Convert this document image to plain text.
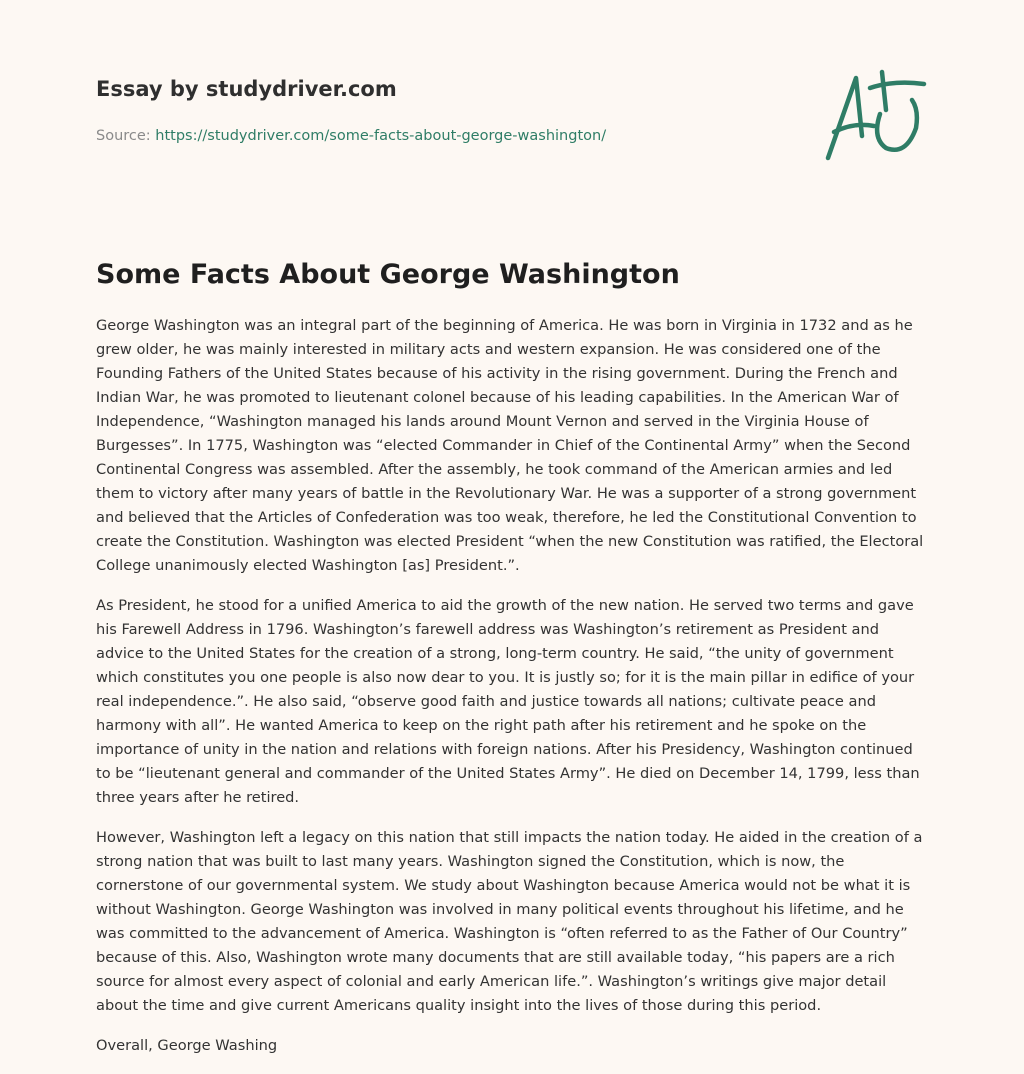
Essay by studydriver.com

Source: https://studydriver.com/some-facts-about-george-washington/
Some Facts About George Washington

George Washington was an integral part of the beginning of America. He was born in Virginia in 1732 and as he grew older, he was mainly interested in military acts and western expansion. He was considered one of the Founding Fathers of the United States because of his activity in the rising government. During the French and Indian War, he was promoted to lieutenant colonel because of his leading capabilities. In the American War of Independence, “Washington managed his lands around Mount Vernon and served in the Virginia House of Burgesses”. In 1775, Washington was “elected Commander in Chief of the Continental Army” when the Second Continental Congress was assembled. After the assembly, he took command of the American armies and led them to victory after many years of battle in the Revolutionary War. He was a supporter of a strong government and believed that the Articles of Confederation was too weak, therefore, he led the Constitutional Convention to create the Constitution. Washington was elected President “when the new Constitution was ratified, the Electoral College unanimously elected Washington [as] President.”.

As President, he stood for a unified America to aid the growth of the new nation. He served two terms and gave his Farewell Address in 1796. Washington’s farewell address was Washington’s retirement as President and advice to the United States for the creation of a strong, long-term country. He said, “the unity of government which constitutes you one people is also now dear to you. It is justly so; for it is the main pillar in edifice of your real independence.”. He also said, “observe good faith and justice towards all nations; cultivate peace and harmony with all”. He wanted America to keep on the right path after his retirement and he spoke on the importance of unity in the nation and relations with foreign nations. After his Presidency, Washington continued to be “lieutenant general and commander of the United States Army”. He died on December 14, 1799, less than three years after he retired.

However, Washington left a legacy on this nation that still impacts the nation today. He aided in the creation of a strong nation that was built to last many years. Washington signed the Constitution, which is now, the cornerstone of our governmental system. We study about Washington because America would not be what it is without Washington. George Washington was involved in many political events throughout his lifetime, and he was committed to the advancement of America. Washington is “often referred to as the Father of Our Country” because of this. Also, Washington wrote many documents that are still available today, “his papers are a rich source for almost every aspect of colonial and early American life.”. Washington’s writings give major detail about the time and give current Americans quality insight into the lives of those during this period.

Overall, George Washing
